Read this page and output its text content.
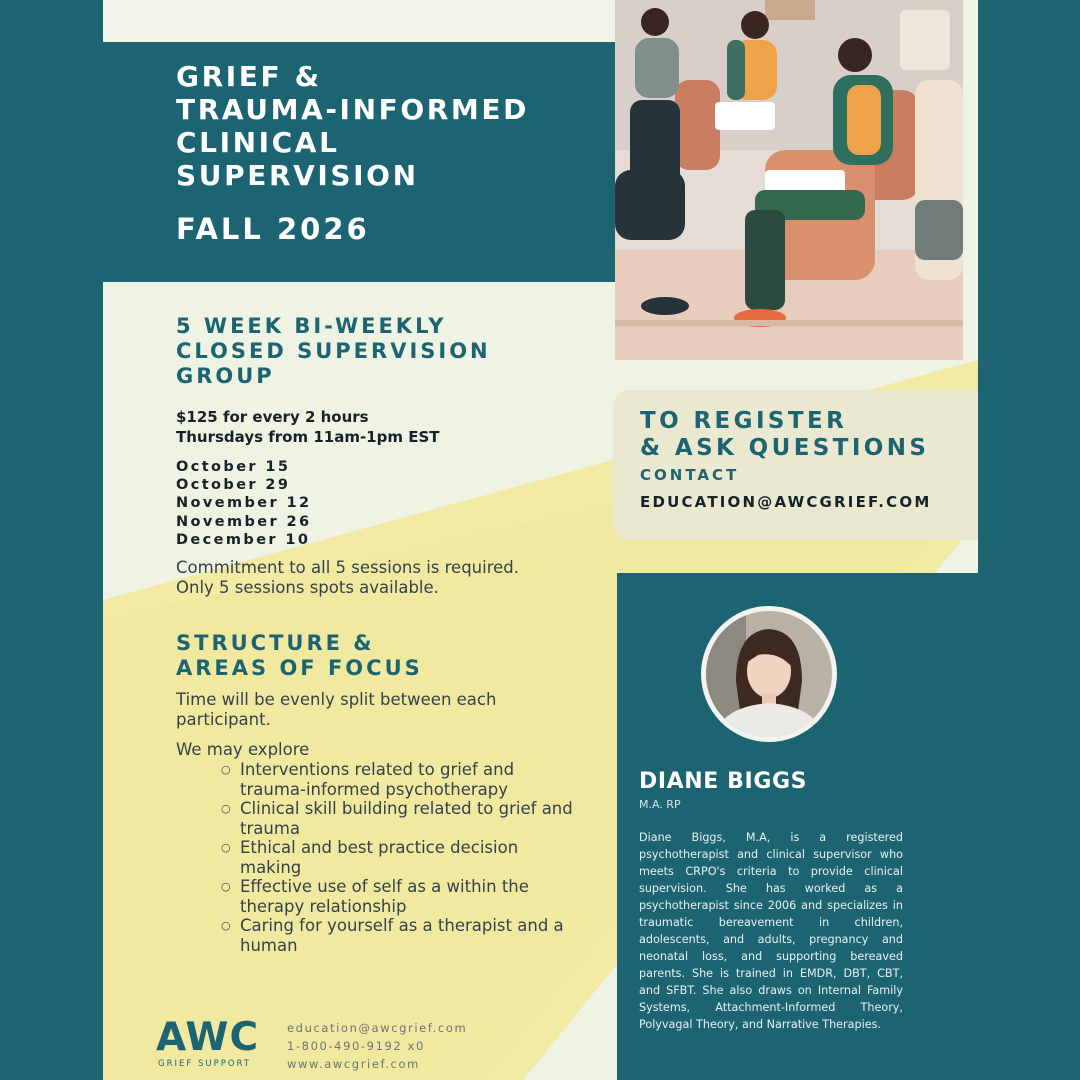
GRIEF &
TRAUMA-INFORMED
CLINICAL
SUPERVISION
FALL 2026
5 WEEK BI-WEEKLY
CLOSED SUPERVISION
GROUP
$125 for every 2 hours
Thursdays from 11am-1pm EST
October 15
October 29
November 12
November 26
December 10
Commitment to all 5 sessions is required.
Only 5 sessions spots available.
STRUCTURE &
AREAS OF FOCUS
Time will be evenly split between each
participant.
We may explore
○ Interventions related to grief and trauma-informed psychotherapy
○ Clinical skill building related to grief and trauma
○ Ethical and best practice decision making
○ Effective use of self as a within the therapy relationship
○ Caring for yourself as a therapist and a human
TO REGISTER
& ASK QUESTIONS
CONTACT
EDUCATION@AWCGRIEF.COM
DIANE BIGGS
M.A. RP

Diane Biggs, M.A, is a registered psychotherapist and clinical supervisor who meets CRPO's criteria to provide clinical supervision. She has worked as a psychotherapist since 2006 and specializes in traumatic bereavement in children, adolescents, and adults, pregnancy and neonatal loss, and supporting bereaved parents. She is trained in EMDR, DBT, CBT, and SFBT. She also draws on Internal Family Systems, Attachment-Informed Theory, Polyvagal Theory, and Narrative Therapies.

AWC
GRIEF SUPPORT
education@awcgrief.com
1-800-490-9192 x0
www.awcgrief.com
